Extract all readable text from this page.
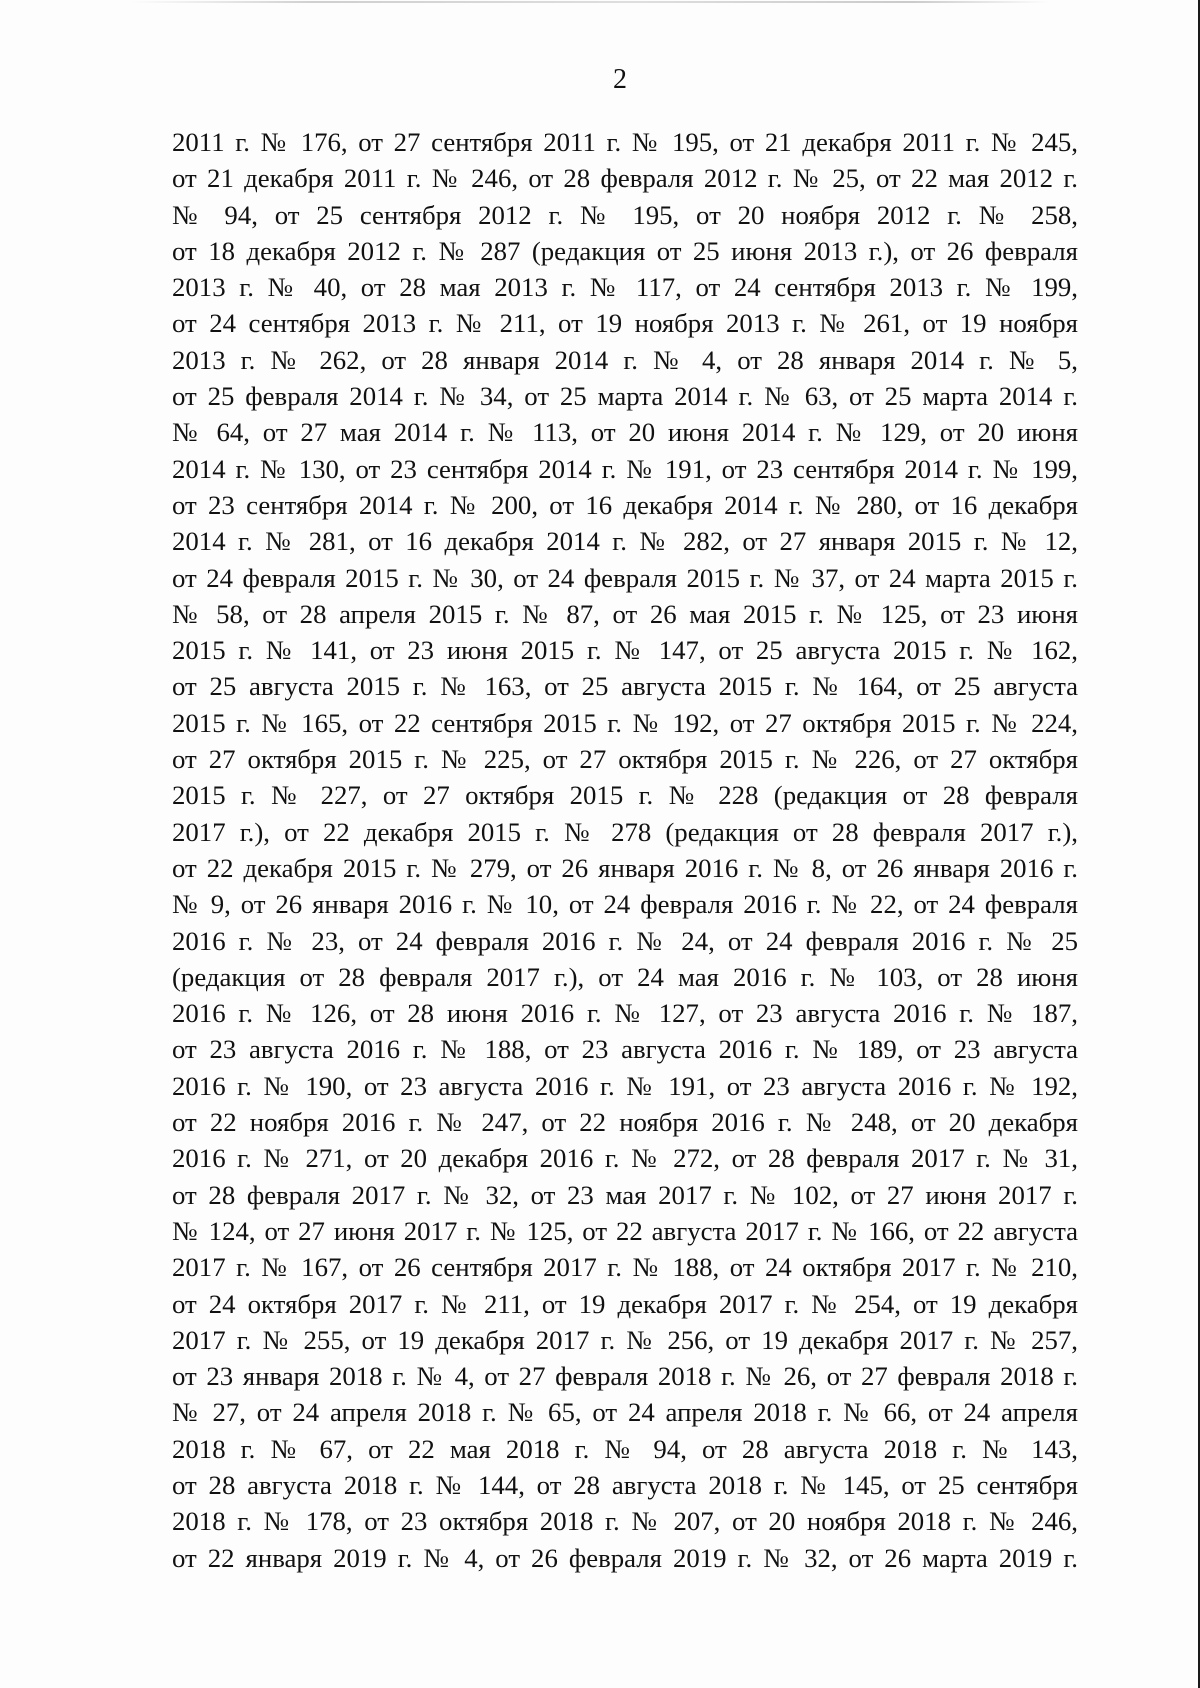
2
2011 г. № 176, от 27 сентября 2011 г. № 195, от 21 декабря 2011 г. № 245,
от 21 декабря 2011 г. № 246, от 28 февраля 2012 г. № 25, от 22 мая 2012 г.
№ 94, от 25 сентября 2012 г. № 195, от 20 ноября 2012 г. № 258,
от 18 декабря 2012 г. № 287 (редакция от 25 июня 2013 г.), от 26 февраля
2013 г. № 40, от 28 мая 2013 г. № 117, от 24 сентября 2013 г. № 199,
от 24 сентября 2013 г. № 211, от 19 ноября 2013 г. № 261, от 19 ноября
2013 г. № 262, от 28 января 2014 г. № 4, от 28 января 2014 г. № 5,
от 25 февраля 2014 г. № 34, от 25 марта 2014 г. № 63, от 25 марта 2014 г.
№ 64, от 27 мая 2014 г. № 113, от 20 июня 2014 г. № 129, от 20 июня
2014 г. № 130, от 23 сентября 2014 г. № 191, от 23 сентября 2014 г. № 199,
от 23 сентября 2014 г. № 200, от 16 декабря 2014 г. № 280, от 16 декабря
2014 г. № 281, от 16 декабря 2014 г. № 282, от 27 января 2015 г. № 12,
от 24 февраля 2015 г. № 30, от 24 февраля 2015 г. № 37, от 24 марта 2015 г.
№ 58, от 28 апреля 2015 г. № 87, от 26 мая 2015 г. № 125, от 23 июня
2015 г. № 141, от 23 июня 2015 г. № 147, от 25 августа 2015 г. № 162,
от 25 августа 2015 г. № 163, от 25 августа 2015 г. № 164, от 25 августа
2015 г. № 165, от 22 сентября 2015 г. № 192, от 27 октября 2015 г. № 224,
от 27 октября 2015 г. № 225, от 27 октября 2015 г. № 226, от 27 октября
2015 г. № 227, от 27 октября 2015 г. № 228 (редакция от 28 февраля
2017 г.), от 22 декабря 2015 г. № 278 (редакция от 28 февраля 2017 г.),
от 22 декабря 2015 г. № 279, от 26 января 2016 г. № 8, от 26 января 2016 г.
№ 9, от 26 января 2016 г. № 10, от 24 февраля 2016 г. № 22, от 24 февраля
2016 г. № 23, от 24 февраля 2016 г. № 24, от 24 февраля 2016 г. № 25
(редакция от 28 февраля 2017 г.), от 24 мая 2016 г. № 103, от 28 июня
2016 г. № 126, от 28 июня 2016 г. № 127, от 23 августа 2016 г. № 187,
от 23 августа 2016 г. № 188, от 23 августа 2016 г. № 189, от 23 августа
2016 г. № 190, от 23 августа 2016 г. № 191, от 23 августа 2016 г. № 192,
от 22 ноября 2016 г. № 247, от 22 ноября 2016 г. № 248, от 20 декабря
2016 г. № 271, от 20 декабря 2016 г. № 272, от 28 февраля 2017 г. № 31,
от 28 февраля 2017 г. № 32, от 23 мая 2017 г. № 102, от 27 июня 2017 г.
№ 124, от 27 июня 2017 г. № 125, от 22 августа 2017 г. № 166, от 22 августа
2017 г. № 167, от 26 сентября 2017 г. № 188, от 24 октября 2017 г. № 210,
от 24 октября 2017 г. № 211, от 19 декабря 2017 г. № 254, от 19 декабря
2017 г. № 255, от 19 декабря 2017 г. № 256, от 19 декабря 2017 г. № 257,
от 23 января 2018 г. № 4, от 27 февраля 2018 г. № 26, от 27 февраля 2018 г.
№ 27, от 24 апреля 2018 г. № 65, от 24 апреля 2018 г. № 66, от 24 апреля
2018 г. № 67, от 22 мая 2018 г. № 94, от 28 августа 2018 г. № 143,
от 28 августа 2018 г. № 144, от 28 августа 2018 г. № 145, от 25 сентября
2018 г. № 178, от 23 октября 2018 г. № 207, от 20 ноября 2018 г. № 246,
от 22 января 2019 г. № 4, от 26 февраля 2019 г. № 32, от 26 марта 2019 г.
